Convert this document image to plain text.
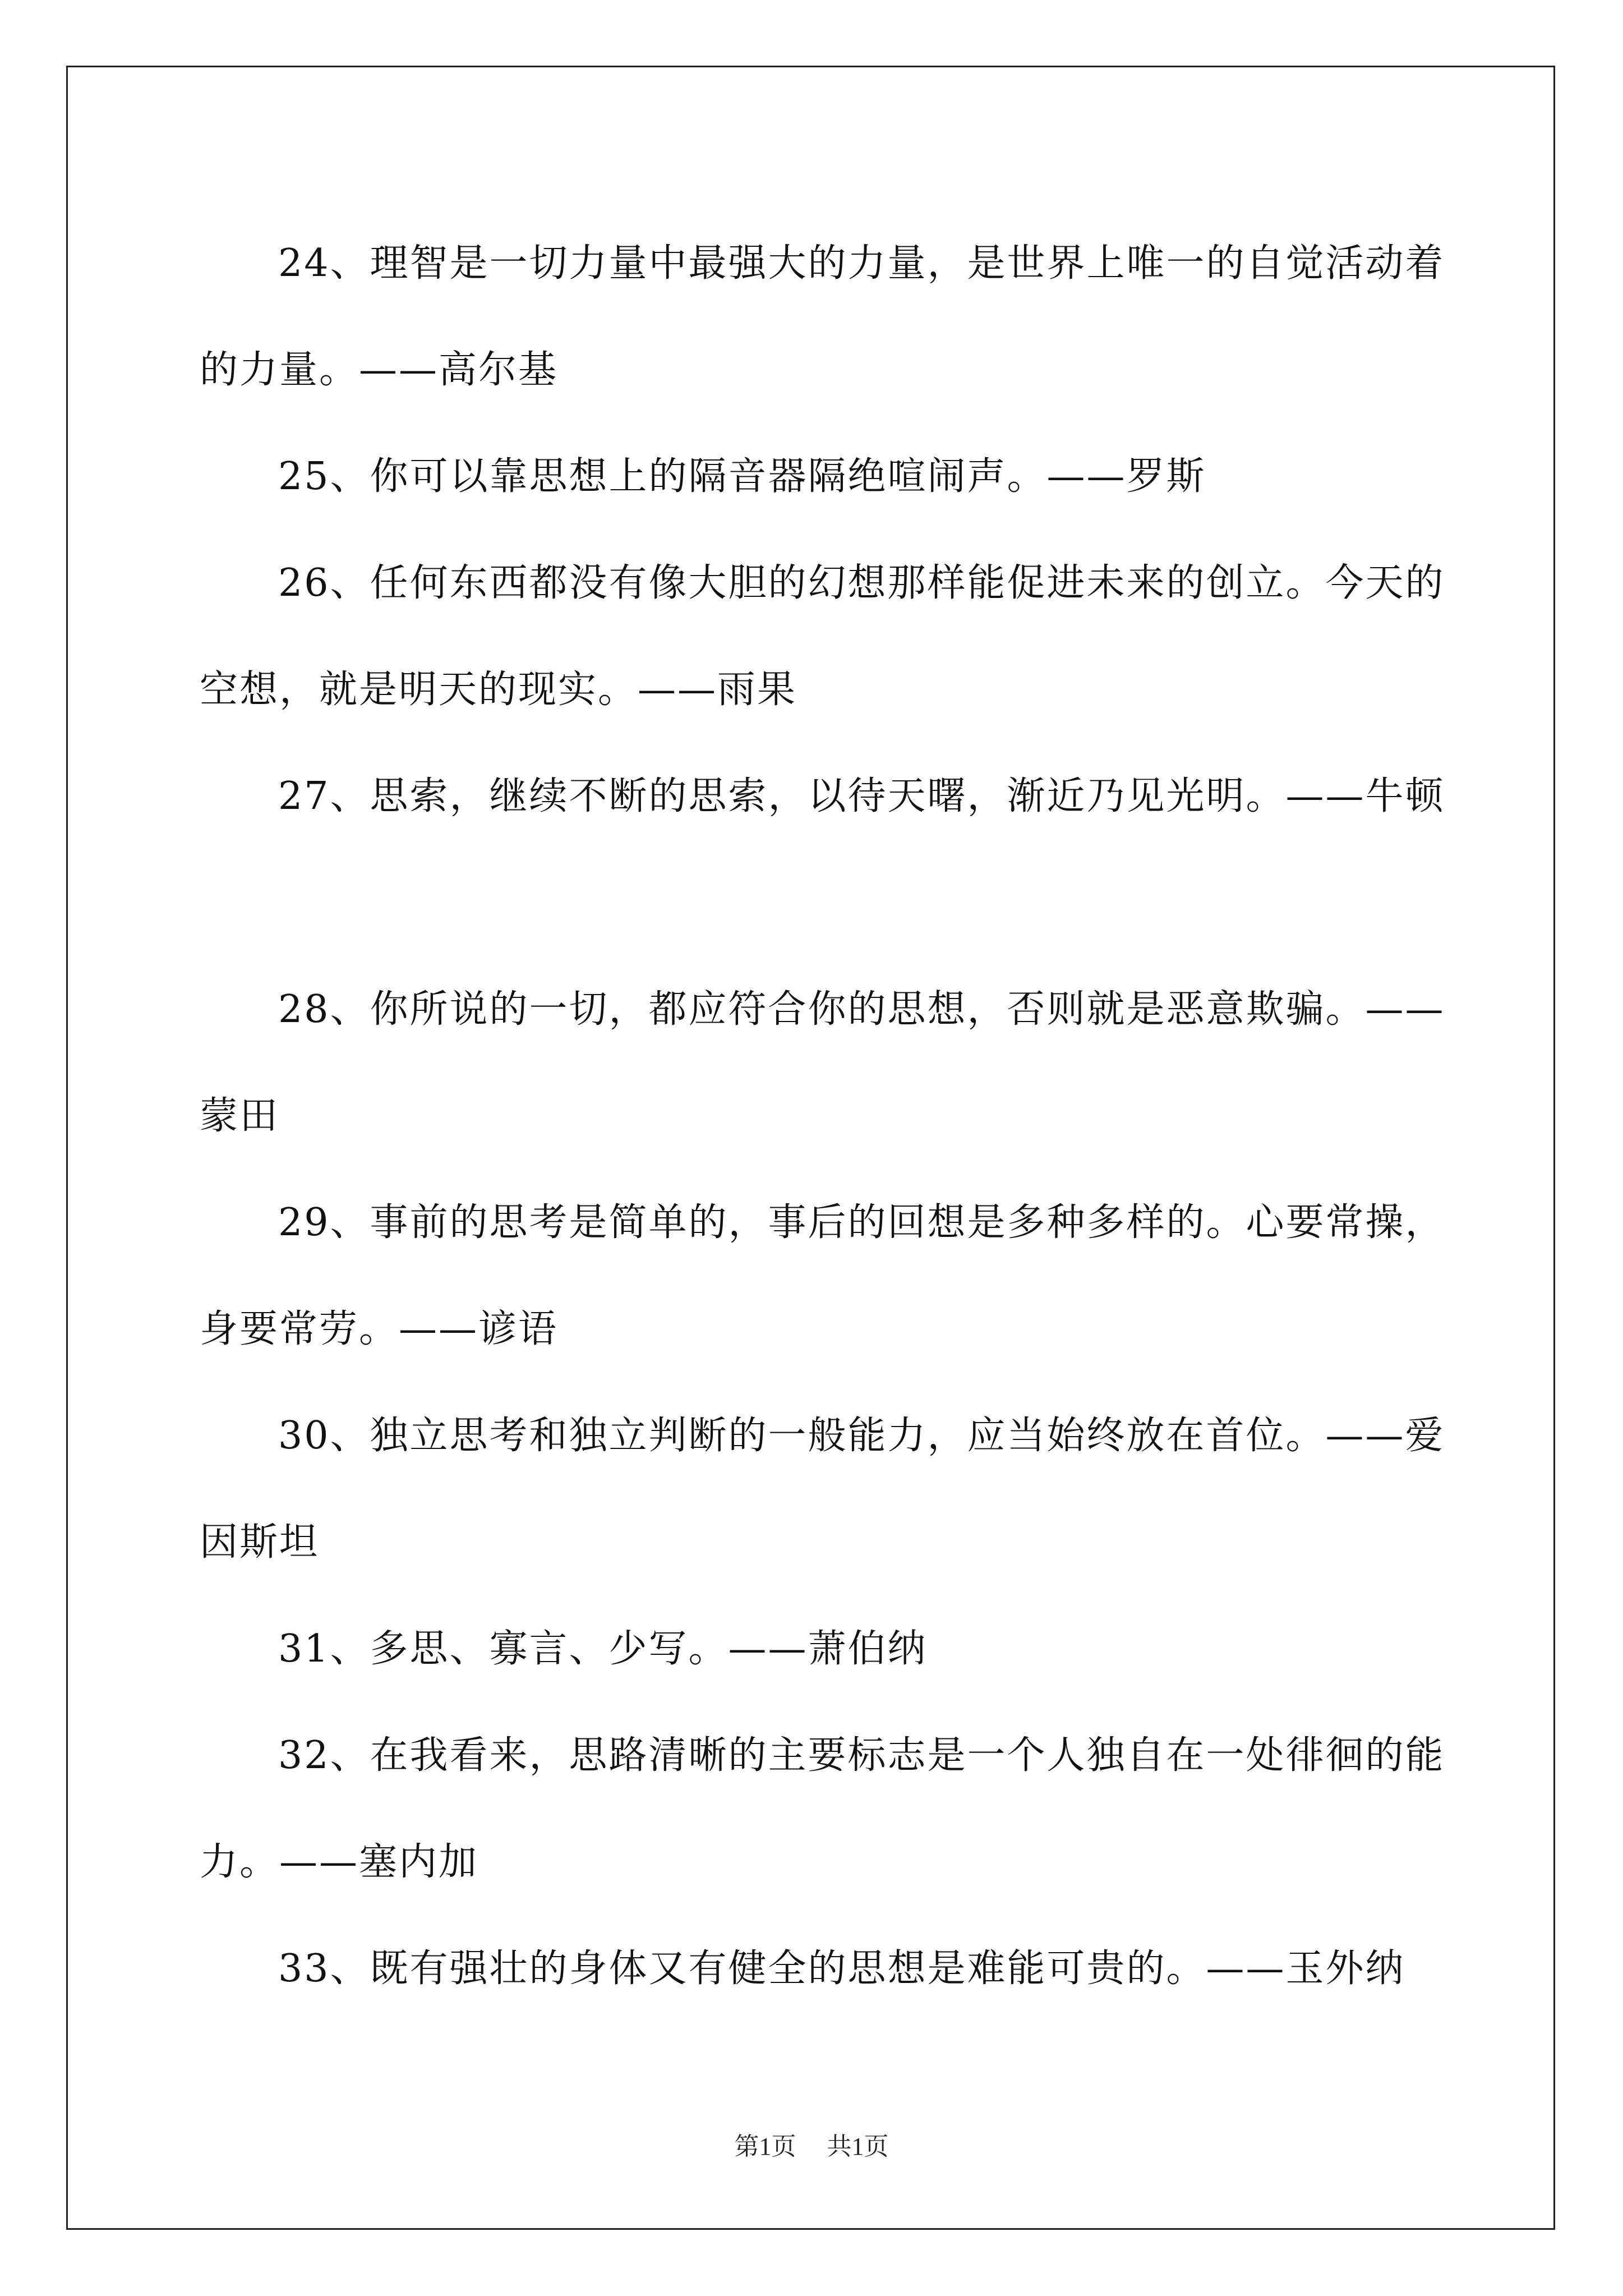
24、理智是一切力量中最强大的力量，是世界上唯一的自觉活动着的力量。——高尔基

25、你可以靠思想上的隔音器隔绝喧闹声。——罗斯

26、任何东西都没有像大胆的幻想那样能促进未来的创立。今天的空想，就是明天的现实。——雨果

27、思索，继续不断的思索，以待天曙，渐近乃见光明。——牛顿

28、你所说的一切，都应符合你的思想，否则就是恶意欺骗。——蒙田

29、事前的思考是简单的，事后的回想是多种多样的。心要常操，身要常劳。——谚语

30、独立思考和独立判断的一般能力，应当始终放在首位。——爱因斯坦

31、多思、寡言、少写。——萧伯纳

32、在我看来，思路清晰的主要标志是一个人独自在一处徘徊的能力。——塞内加

33、既有强壮的身体又有健全的思想是难能可贵的。——玉外纳

第1页 共1页
